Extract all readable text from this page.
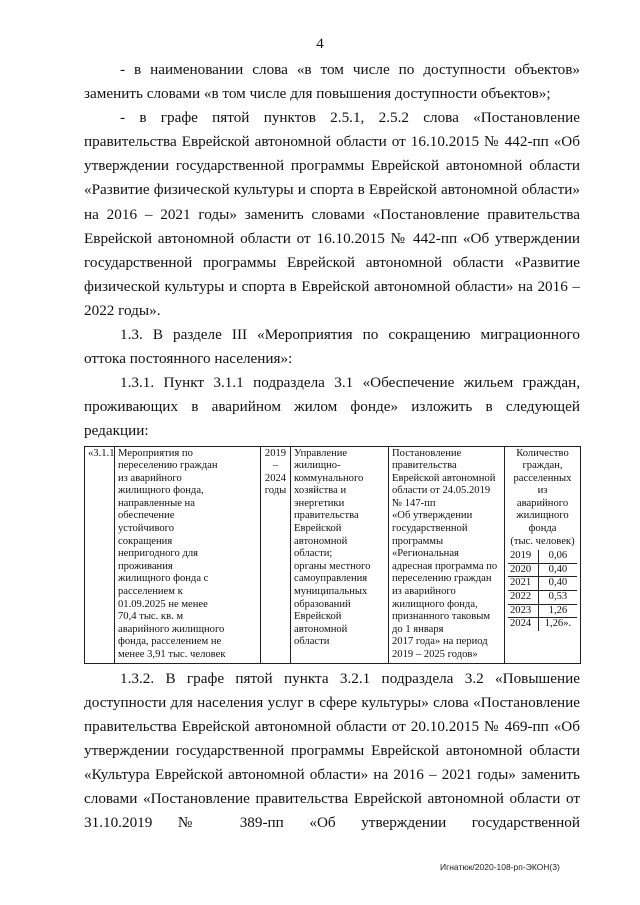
4

- в наименовании слова «в том числе по доступности объектов» заменить словами «в том числе для повышения доступности объектов»;

- в графе пятой пунктов 2.5.1, 2.5.2 слова «Постановление правительства Еврейской автономной области от 16.10.2015 № 442-пп «Об утверждении государственной программы Еврейской автономной области «Развитие физической культуры и спорта в Еврейской автономной области» на 2016 – 2021 годы» заменить словами «Постановление правительства Еврейской автономной области от 16.10.2015 № 442-пп «Об утверждении государственной программы Еврейской автономной области «Развитие физической культуры и спорта в Еврейской автономной области» на 2016 – 2022 годы».

1.3. В разделе III «Мероприятия по сокращению миграционного оттока постоянного населения»:

1.3.1. Пункт 3.1.1 подраздела 3.1 «Обеспечение жильем граждан, проживающих в аварийном жилом фонде» изложить в следующей редакции:

«3.1.1	Мероприятия по
переселению граждан
из аварийного
жилищного фонда,
направленные на
обеспечение
устойчивого
сокращения
непригодного для
проживания
жилищного фонда с
расселением к
01.09.2025 не менее
70,4 тыс. кв. м
аварийного жилищного
фонда, расселением не
менее 3,91 тыс. человек	2019
–
2024
годы	Управление
жилищно-
коммунального
хозяйства и
энергетики
правительства
Еврейской
автономной
области;
органы местного
самоуправления
муниципальных
образований
Еврейской
автономной
области	Постановление
правительства
Еврейской автономной
области от 24.05.2019
№ 147-пп
«Об утверждении
государственной
программы
«Региональная
адресная программа по
переселению граждан
из аварийного
жилищного фонда,
признанного таковым
до 1 января
2017 года» на период
2019 – 2025 годов»	Количество
граждан,
расселенных из
аварийного
жилищного
фонда
(тыс. человек)
2019	0,06
2020	0,40
2021	0,40
2022	0,53
2023	1,26
2024	1,26».

1.3.2. В графе пятой пункта 3.2.1 подраздела 3.2 «Повышение доступности для населения услуг в сфере культуры» слова «Постановление правительства Еврейской автономной области от 20.10.2015 № 469-пп «Об утверждении государственной программы Еврейской автономной области «Культура Еврейской автономной области» на 2016 – 2021 годы» заменить словами «Постановление правительства Еврейской автономной области от 31.10.2019 № 389-пп «Об утверждении государственной

Игнатюк/2020-108-рп-ЭКОН(3)
